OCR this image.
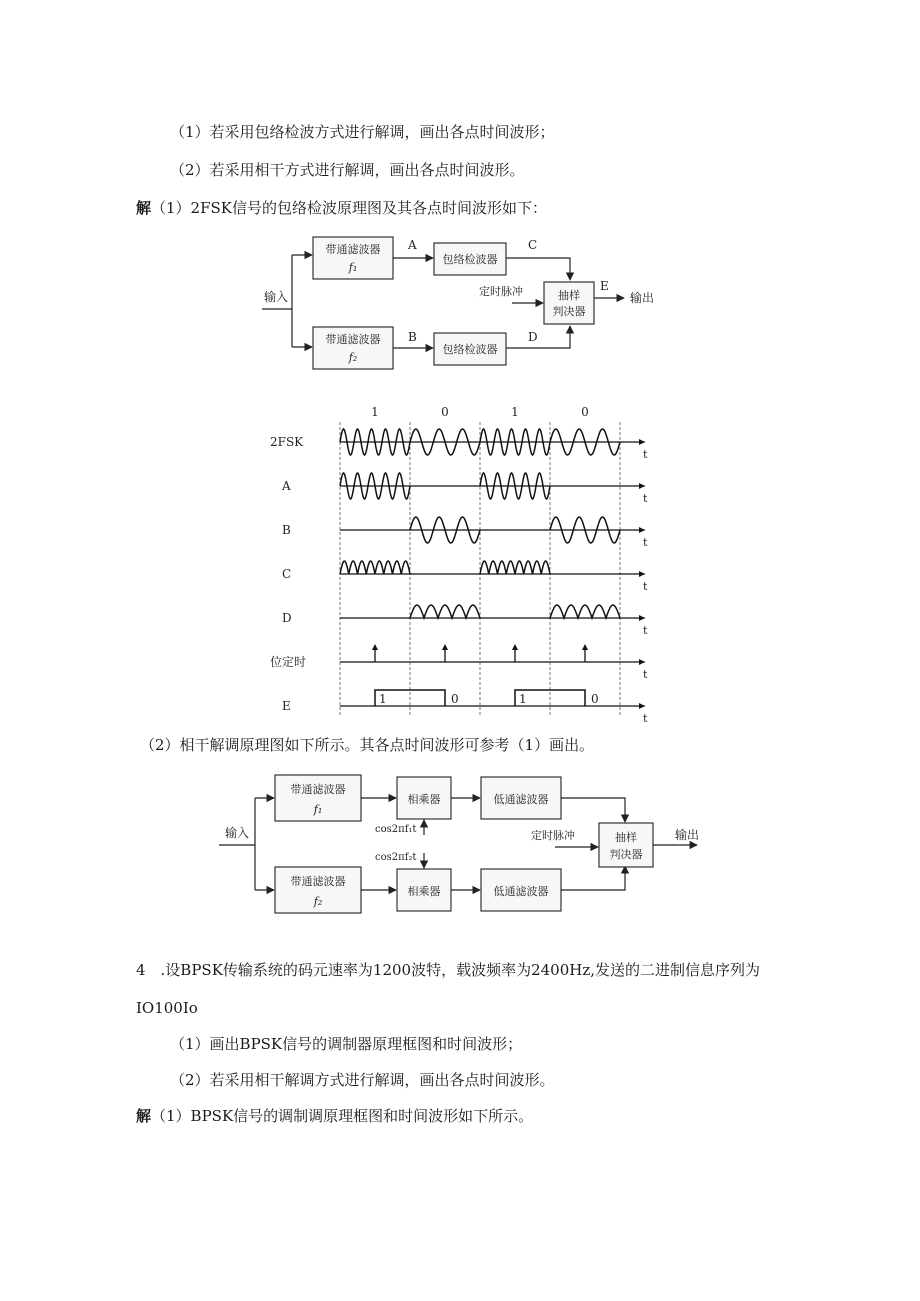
（1）若采用包络检波方式进行解调，画出各点时间波形；
（2）若采用相干方式进行解调，画出各点时间波形。
解（1）2FSK信号的包络检波原理图及其各点时间波形如下：
输入
带通滤波器
f₁
带通滤波器
f₂
A
B
包络检波器
包络检波器
C
D
抽样
判决器
定时脉冲	E
输出
1	0	1	0
2FSK
t
A
t
B
t
C
t
D
t
位定时
t
E
t
1	0	1	0
（2）相干解调原理图如下所示。其各点时间波形可参考（1）画出。
输入
带通滤波器
f₁
带通滤波器
f₂
相乘器
相乘器
cos2πf₁t
cos2πf₂t
低通滤波器
低通滤波器
抽样
判决器
定时脉冲	输出
4　.设BPSK传输系统的码元速率为1200波特，载波频率为2400Hz,发送的二进制信息序列为
IO100Io
（1）画出BPSK信号的调制器原理框图和时间波形；
（2）若采用相干解调方式进行解调，画出各点时间波形。
解（1）BPSK信号的调制调原理框图和时间波形如下所示。
